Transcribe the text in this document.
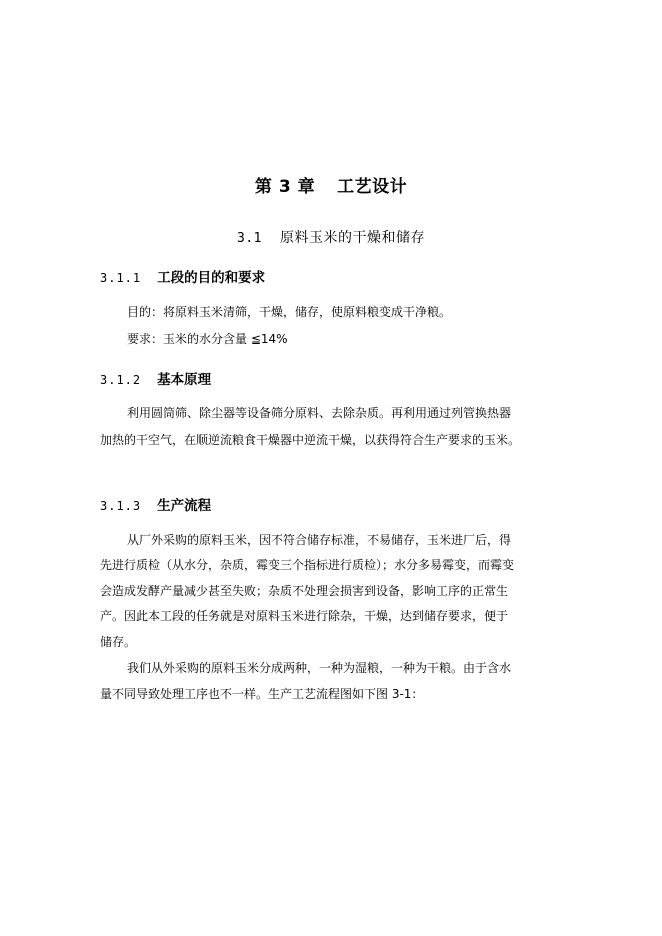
第 3 章 工艺设计
3.1 原料玉米的干燥和储存
3.1.1 工段的目的和要求
目的：将原料玉米清筛，干燥，储存，使原料粮变成干净粮。
要求：玉米的水分含量 ≦14%
3.1.2 基本原理
利用圆筒筛、除尘器等设备筛分原料、去除杂质。再利用通过列管换热器
加热的干空气，在顺逆流粮食干燥器中逆流干燥，以获得符合生产要求的玉米。
3.1.3 生产流程
从厂外采购的原料玉米，因不符合储存标准，不易储存，玉米进厂后，得
先进行质检（从水分，杂质，霉变三个指标进行质检）；水分多易霉变，而霉变
会造成发酵产量减少甚至失败；杂质不处理会损害到设备，影响工序的正常生
产。因此本工段的任务就是对原料玉米进行除杂，干燥，达到储存要求，便于
储存。
我们从外采购的原料玉米分成两种，一种为湿粮，一种为干粮。由于含水
量不同导致处理工序也不一样。生产工艺流程图如下图 3-1：
